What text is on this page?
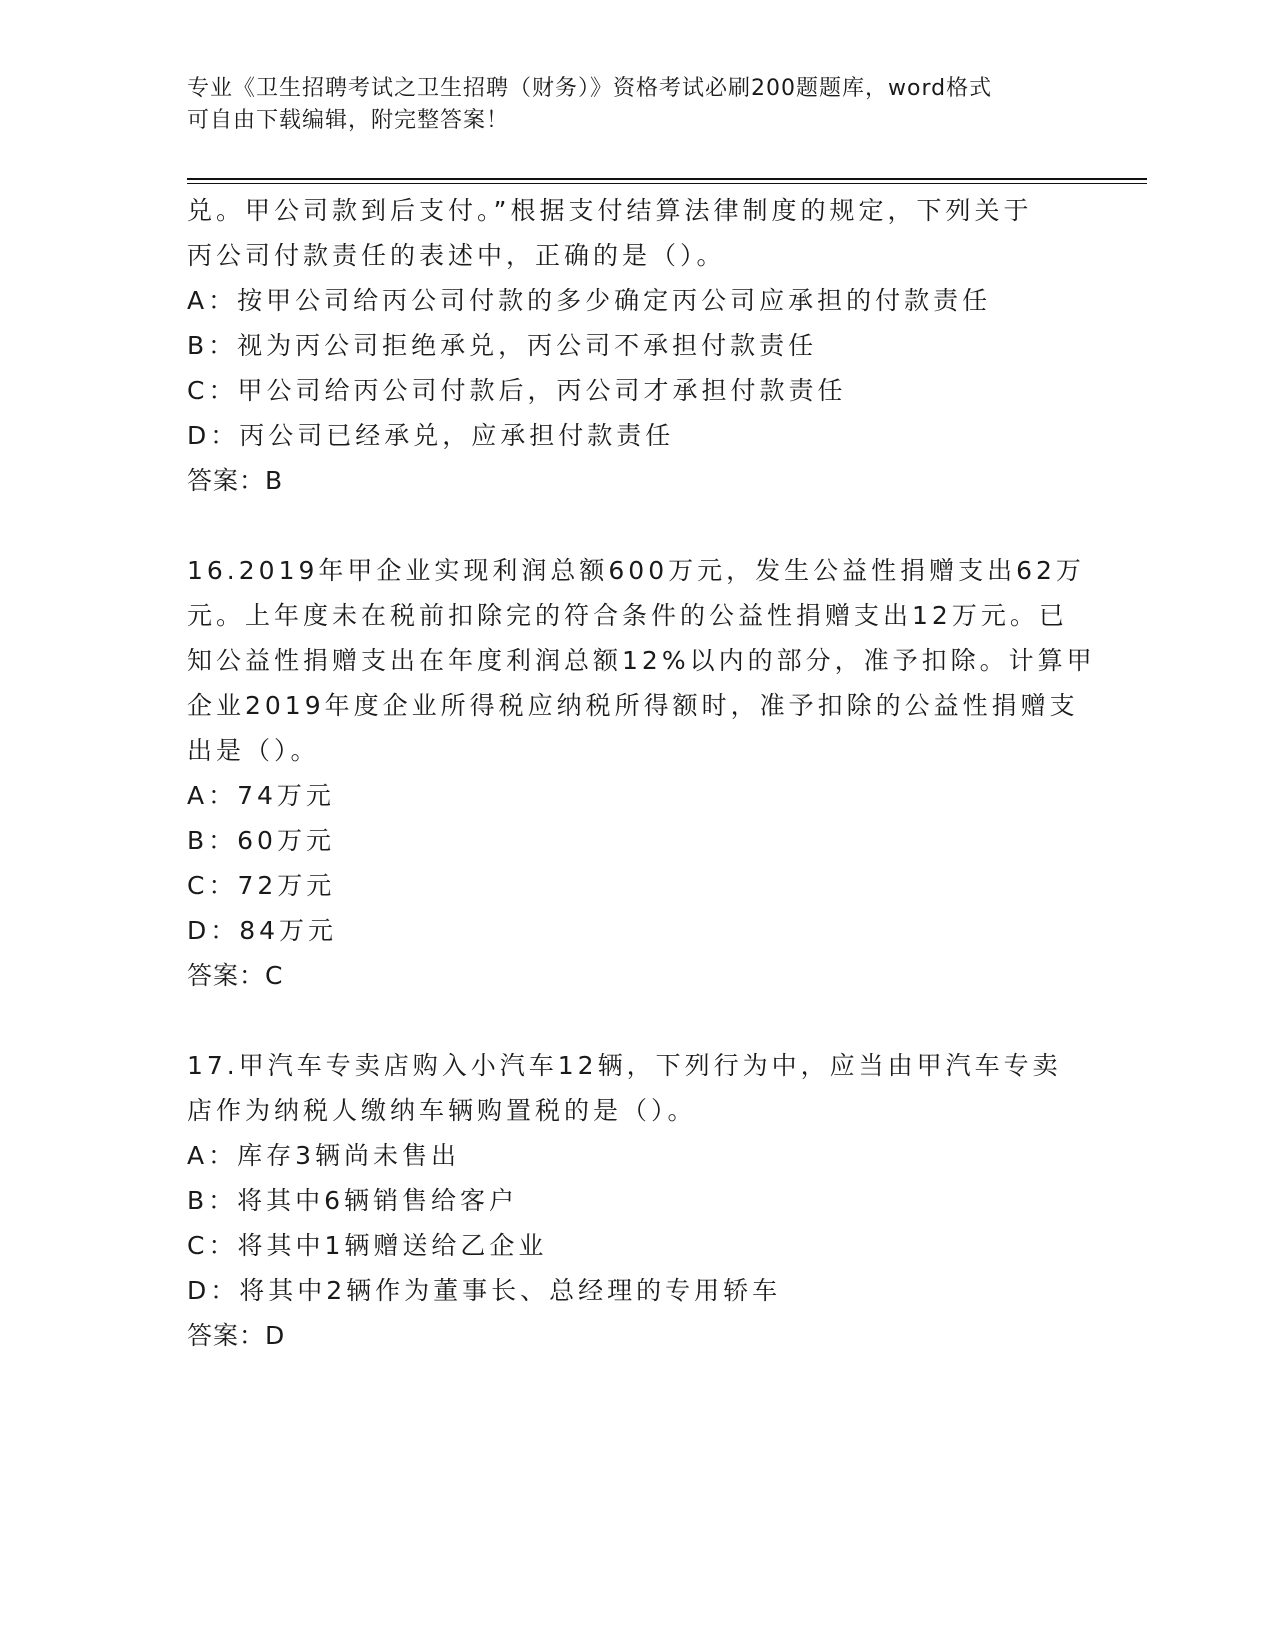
专业《卫生招聘考试之卫生招聘（财务）》资格考试必刷200题题库，word格式
可自由下载编辑，附完整答案！
兑。甲公司款到后支付。”根据支付结算法律制度的规定，下列关于
丙公司付款责任的表述中，正确的是（）。
A：按甲公司给丙公司付款的多少确定丙公司应承担的付款责任
B：视为丙公司拒绝承兑，丙公司不承担付款责任
C：甲公司给丙公司付款后，丙公司才承担付款责任
D：丙公司已经承兑，应承担付款责任
答案：B
16.2019年甲企业实现利润总额600万元，发生公益性捐赠支出62万
元。上年度未在税前扣除完的符合条件的公益性捐赠支出12万元。已
知公益性捐赠支出在年度利润总额12%以内的部分，准予扣除。计算甲
企业2019年度企业所得税应纳税所得额时，准予扣除的公益性捐赠支
出是（）。
A：74万元
B：60万元
C：72万元
D：84万元
答案：C
17.甲汽车专卖店购入小汽车12辆，下列行为中，应当由甲汽车专卖
店作为纳税人缴纳车辆购置税的是（）。
A：库存3辆尚未售出
B：将其中6辆销售给客户
C：将其中1辆赠送给乙企业
D：将其中2辆作为董事长、总经理的专用轿车
答案：D
